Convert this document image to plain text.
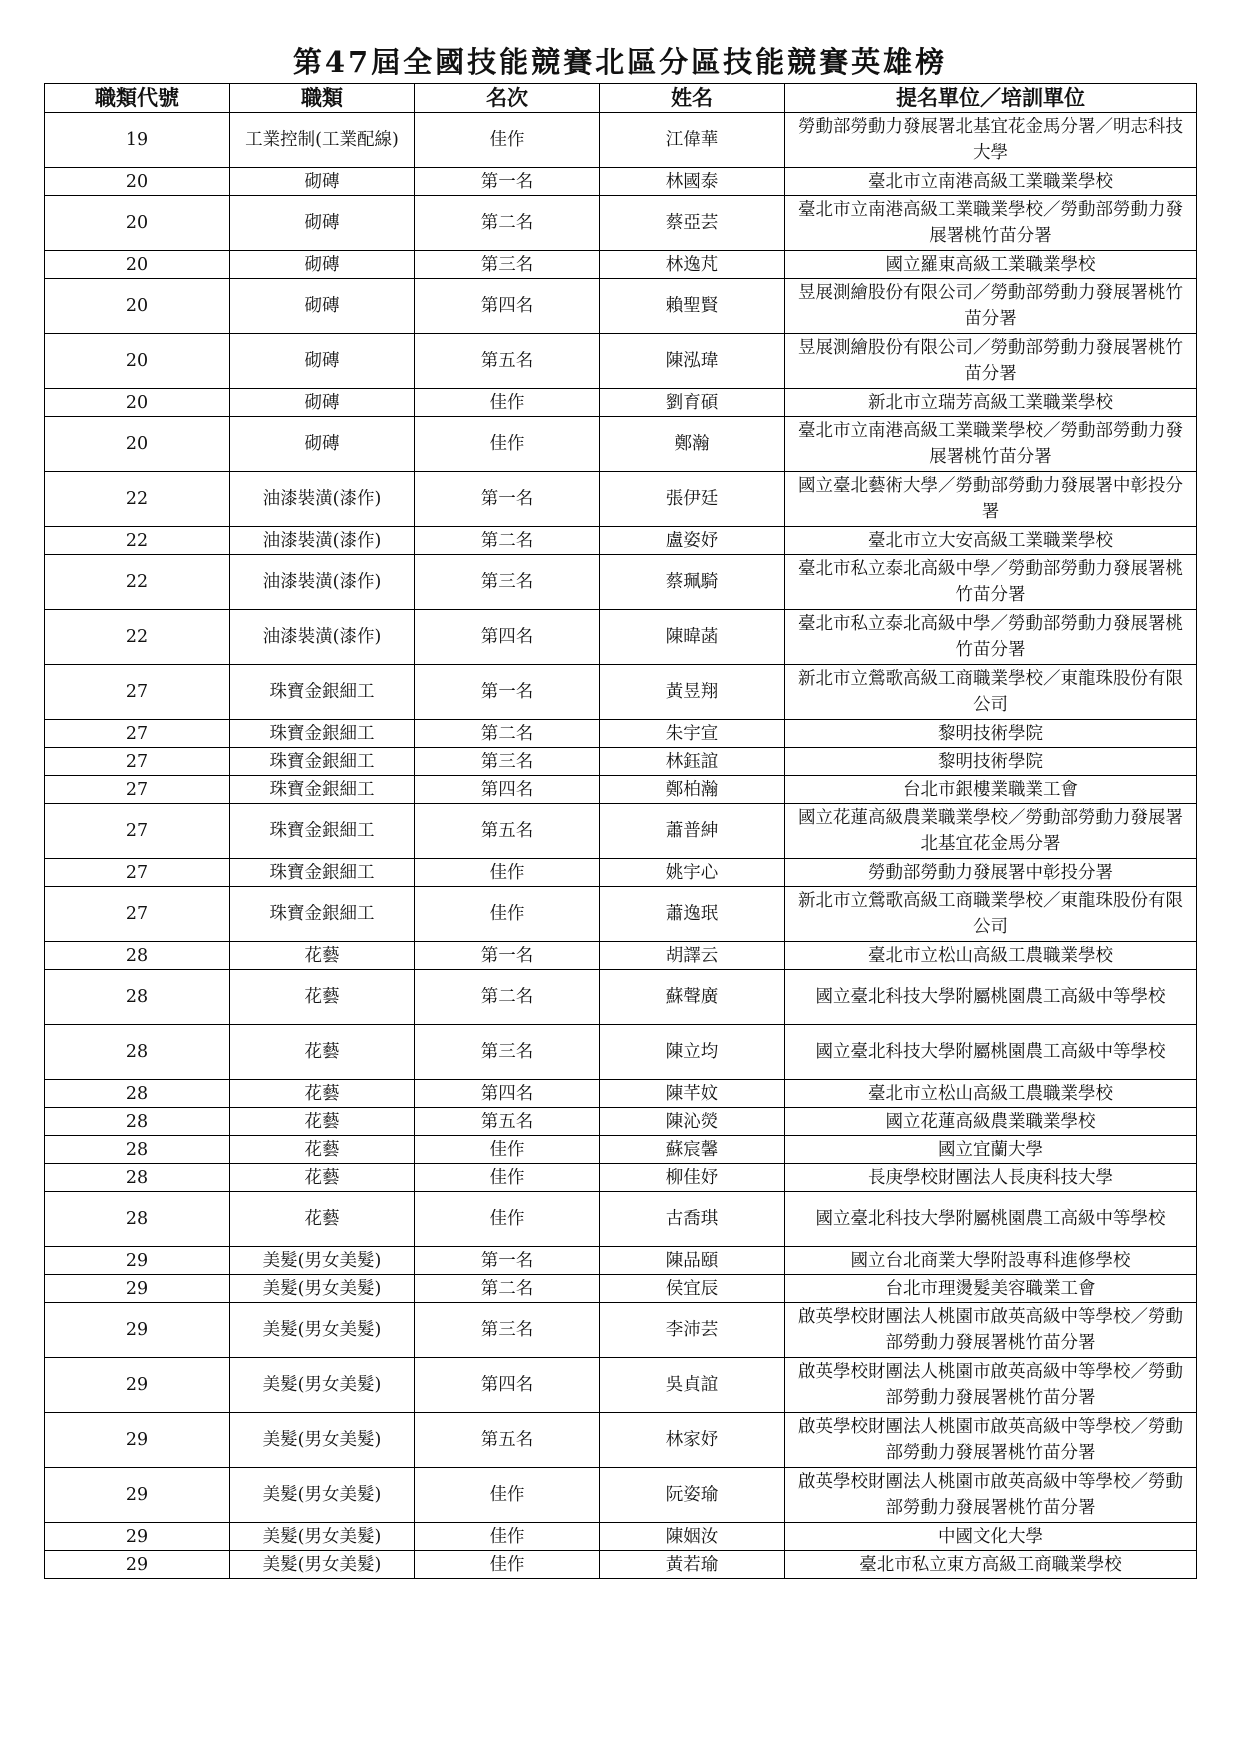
第47屆全國技能競賽北區分區技能競賽英雄榜
職類代號	職類	名次	姓名	提名單位／培訓單位
19	工業控制(工業配線)	佳作	江偉華	勞動部勞動力發展署北基宜花金馬分署／明志科技大學
20	砌磚	第一名	林國泰	臺北市立南港高級工業職業學校
20	砌磚	第二名	蔡亞芸	臺北市立南港高級工業職業學校／勞動部勞動力發展署桃竹苗分署
20	砌磚	第三名	林逸芃	國立羅東高級工業職業學校
20	砌磚	第四名	賴聖賢	昱展測繪股份有限公司／勞動部勞動力發展署桃竹苗分署
20	砌磚	第五名	陳泓瑋	昱展測繪股份有限公司／勞動部勞動力發展署桃竹苗分署
20	砌磚	佳作	劉育碩	新北市立瑞芳高級工業職業學校
20	砌磚	佳作	鄭瀚	臺北市立南港高級工業職業學校／勞動部勞動力發展署桃竹苗分署
22	油漆裝潢(漆作)	第一名	張伊廷	國立臺北藝術大學／勞動部勞動力發展署中彰投分署
22	油漆裝潢(漆作)	第二名	盧姿妤	臺北市立大安高級工業職業學校
22	油漆裝潢(漆作)	第三名	蔡珮騎	臺北市私立泰北高級中學／勞動部勞動力發展署桃竹苗分署
22	油漆裝潢(漆作)	第四名	陳暐菡	臺北市私立泰北高級中學／勞動部勞動力發展署桃竹苗分署
27	珠寶金銀細工	第一名	黃昱翔	新北市立鶯歌高級工商職業學校／東龍珠股份有限公司
27	珠寶金銀細工	第二名	朱宇宣	黎明技術學院
27	珠寶金銀細工	第三名	林鈺誼	黎明技術學院
27	珠寶金銀細工	第四名	鄭柏瀚	台北市銀樓業職業工會
27	珠寶金銀細工	第五名	蕭普紳	國立花蓮高級農業職業學校／勞動部勞動力發展署北基宜花金馬分署
27	珠寶金銀細工	佳作	姚宇心	勞動部勞動力發展署中彰投分署
27	珠寶金銀細工	佳作	蕭逸珉	新北市立鶯歌高級工商職業學校／東龍珠股份有限公司
28	花藝	第一名	胡譯云	臺北市立松山高級工農職業學校
28	花藝	第二名	蘇聲廣	國立臺北科技大學附屬桃園農工高級中等學校
28	花藝	第三名	陳立均	國立臺北科技大學附屬桃園農工高級中等學校
28	花藝	第四名	陳芊妏	臺北市立松山高級工農職業學校
28	花藝	第五名	陳沁熒	國立花蓮高級農業職業學校
28	花藝	佳作	蘇宸馨	國立宜蘭大學
28	花藝	佳作	柳佳妤	長庚學校財團法人長庚科技大學
28	花藝	佳作	古喬琪	國立臺北科技大學附屬桃園農工高級中等學校
29	美髮(男女美髮)	第一名	陳品頤	國立台北商業大學附設專科進修學校
29	美髮(男女美髮)	第二名	侯宜辰	台北市理燙髮美容職業工會
29	美髮(男女美髮)	第三名	李沛芸	啟英學校財團法人桃園市啟英高級中等學校／勞動部勞動力發展署桃竹苗分署
29	美髮(男女美髮)	第四名	吳貞誼	啟英學校財團法人桃園市啟英高級中等學校／勞動部勞動力發展署桃竹苗分署
29	美髮(男女美髮)	第五名	林家妤	啟英學校財團法人桃園市啟英高級中等學校／勞動部勞動力發展署桃竹苗分署
29	美髮(男女美髮)	佳作	阮姿瑜	啟英學校財團法人桃園市啟英高級中等學校／勞動部勞動力發展署桃竹苗分署
29	美髮(男女美髮)	佳作	陳姻汝	中國文化大學
29	美髮(男女美髮)	佳作	黃若瑜	臺北市私立東方高級工商職業學校
